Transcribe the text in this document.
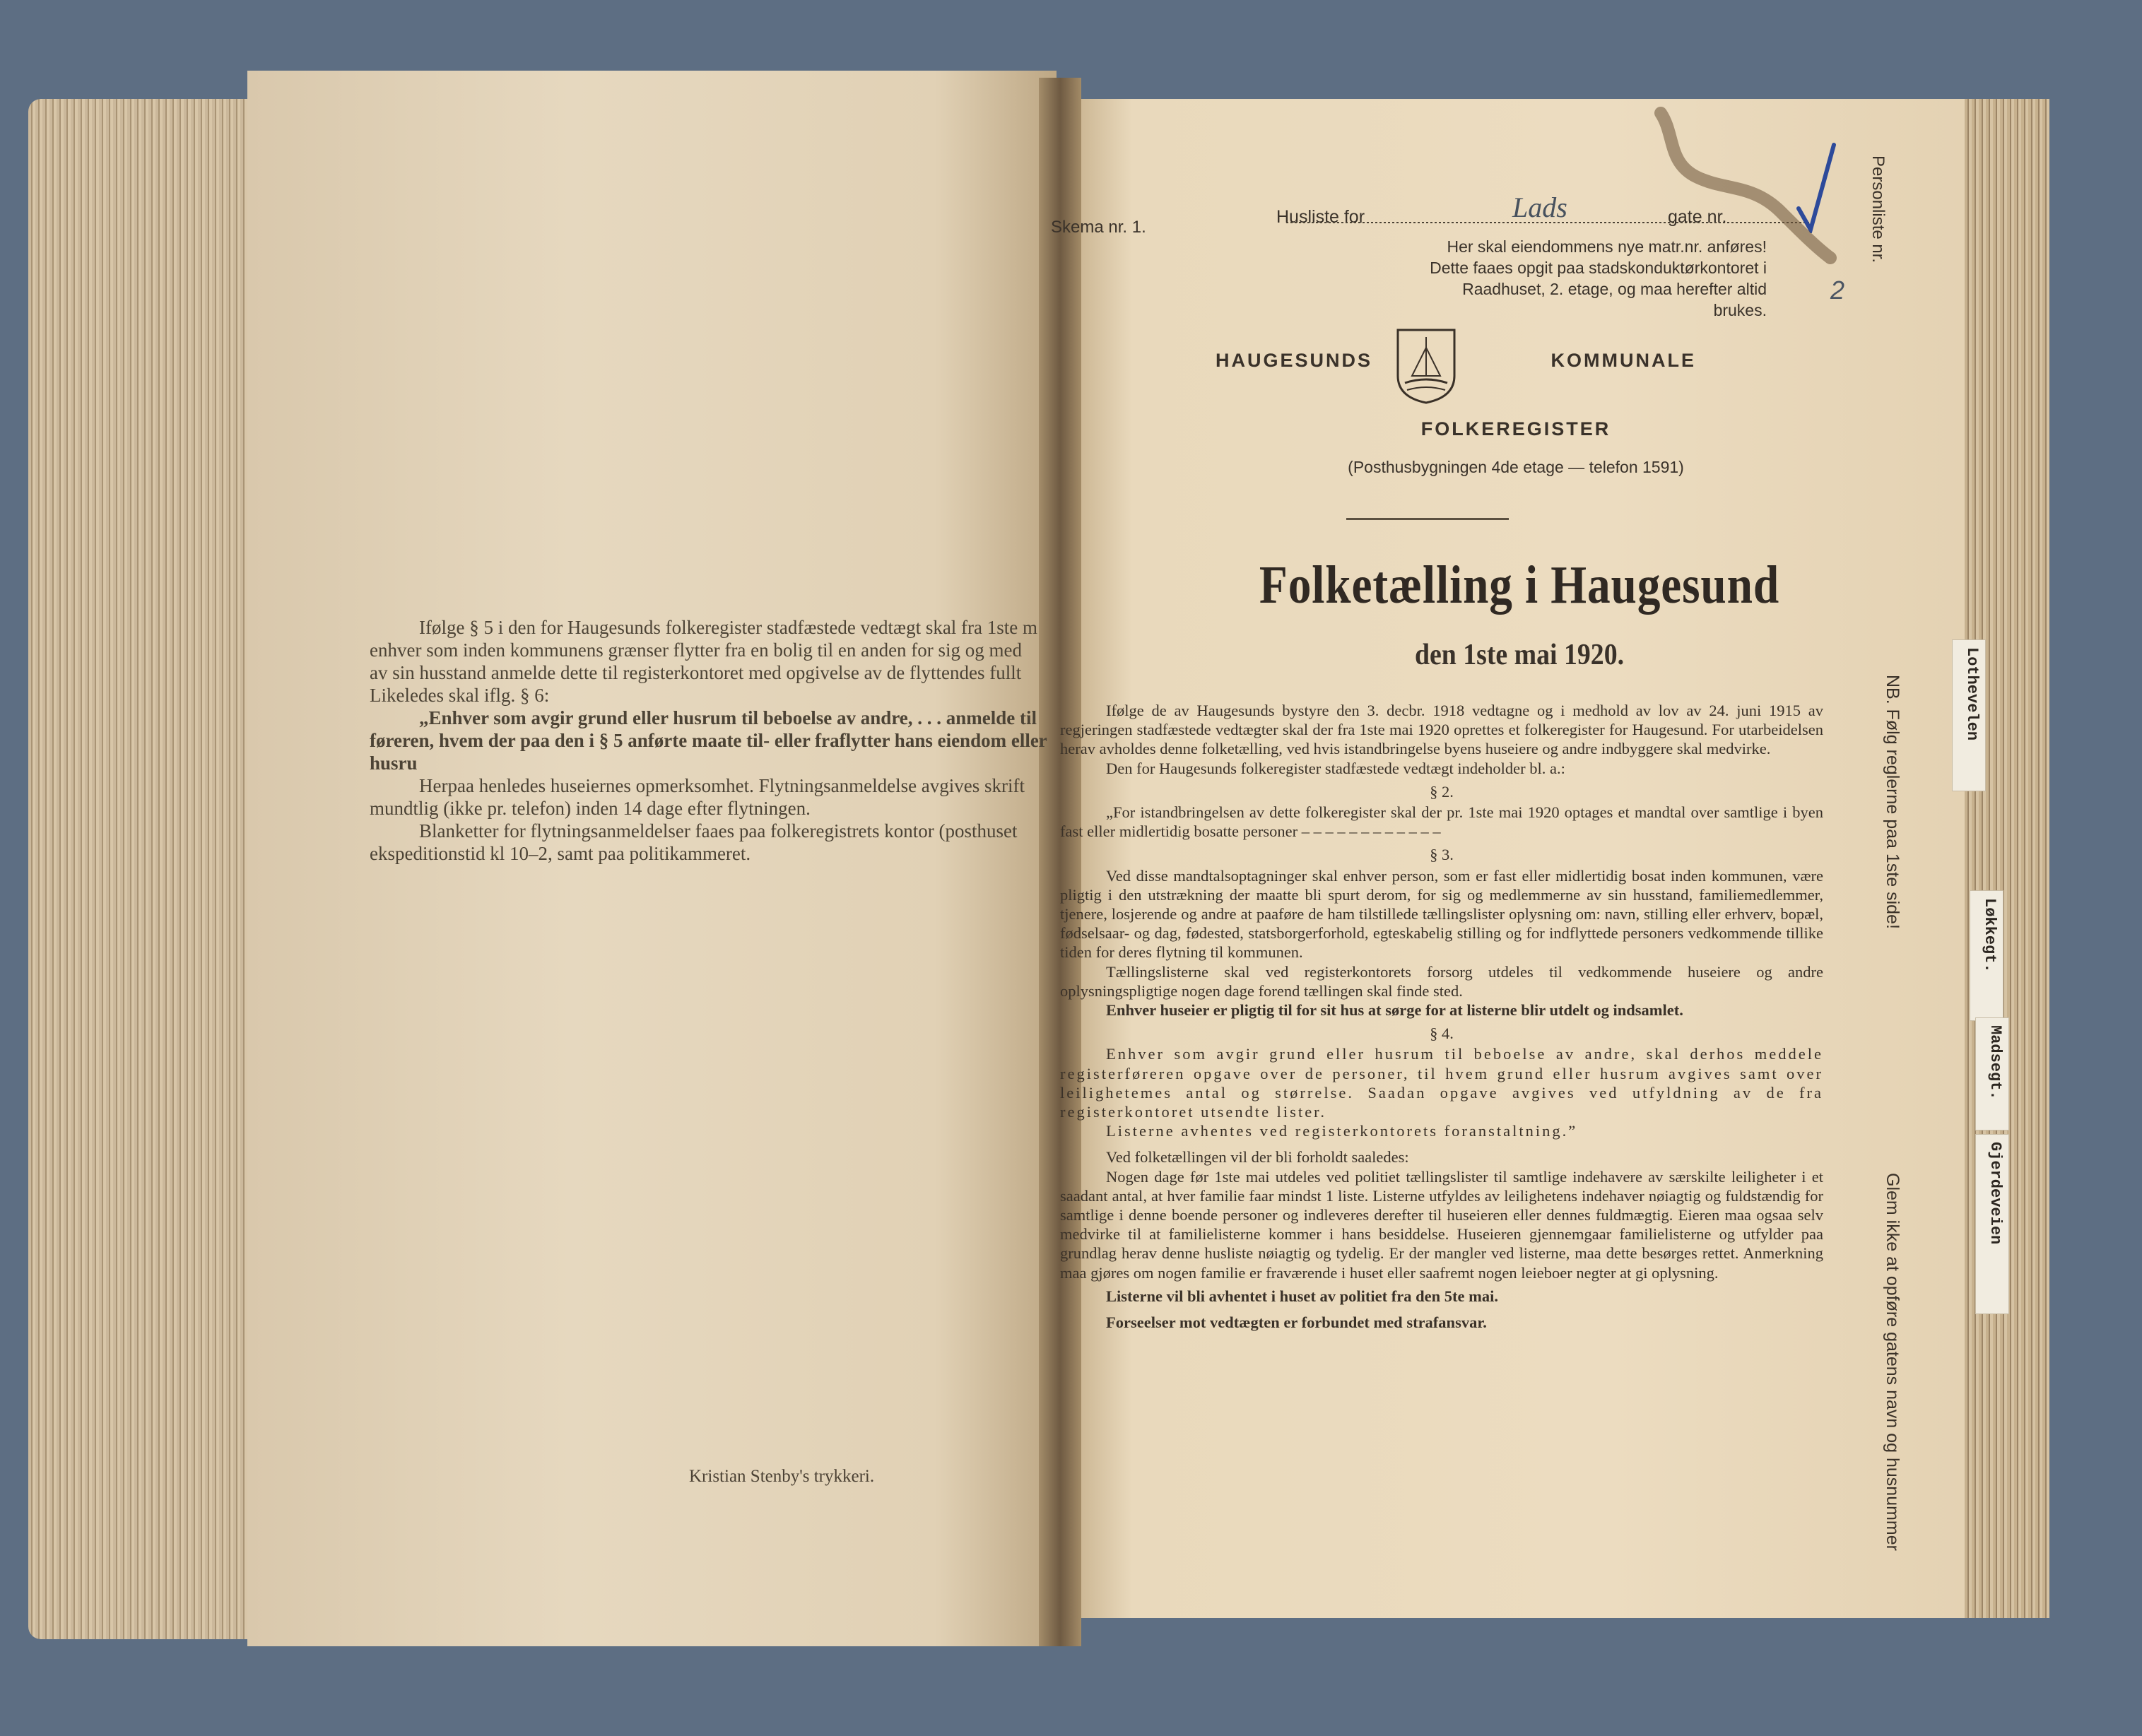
Ifølge § 5 i den for Haugesunds folkeregister stadfæstede vedtægt skal fra 1ste m

enhver som inden kommunens grænser flytter fra en bolig til en anden for sig og med

av sin husstand anmelde dette til registerkontoret med opgivelse av de flyttendes fullt

Likeledes skal iflg. § 6:

„Enhver som avgir grund eller husrum til beboelse av andre, . . . anmelde til

føreren, hvem der paa den i § 5 anførte maate til- eller fraflytter hans eiendom eller husru

Herpaa henledes huseiernes opmerksomhet. Flytningsanmeldelse avgives skrift

mundtlig (ikke pr. telefon) inden 14 dage efter flytningen.

Blanketter for flytningsanmeldelser faaes paa folkeregistrets kontor (posthuset

ekspeditionstid kl 10–2, samt paa politikammeret.

Kristian Stenby's trykkeri.
Skema nr. 1.
Husliste for	Lads	gate nr.
Her skal eiendommens nye matr.nr. anføres! Dette faaes opgit paa stadskonduktørkontoret i Raadhuset, 2. etage, og maa herefter altid brukes.
HAUGESUNDS	KOMMUNALE
FOLKEREGISTER
(Posthusbygningen 4de etage — telefon 1591)
Folketælling i Haugesund
den 1ste mai 1920.

Ifølge de av Haugesunds bystyre den 3. decbr. 1918 vedtagne og i medhold av lov av 24. juni 1915 av regjeringen stadfæstede vedtægter skal der fra 1ste mai 1920 oprettes et folkeregister for Haugesund. For utarbeidelsen herav avholdes denne folketælling, ved hvis istandbringelse byens huseiere og andre indbyggere skal medvirke.

Den for Haugesunds folkeregister stadfæstede vedtægt indeholder bl. a.:

§ 2.

„For istandbringelsen av dette folkeregister skal der pr. 1ste mai 1920 optages et mandtal over samtlige i byen fast eller midlertidig bosatte personer – – – – – – – – – – – –

§ 3.

Ved disse mandtalsoptagninger skal enhver person, som er fast eller midlertidig bosat inden kommunen, være pligtig i den utstrækning der maatte bli spurt derom, for sig og medlemmerne av sin husstand, familiemedlemmer, tjenere, losjerende og andre at paaføre de ham tilstillede tællingslister oplysning om: navn, stilling eller erhverv, bopæl, fødselsaar- og dag, fødested, statsborgerforhold, egteskabelig stilling og for indflyttede personers vedkommende tillike tiden for deres flytning til kommunen.

Tællingslisterne skal ved registerkontorets forsorg utdeles til vedkommende huseiere og andre oplysningspligtige nogen dage forend tællingen skal finde sted.

Enhver huseier er pligtig til for sit hus at sørge for at listerne blir utdelt og indsamlet.

§ 4.

Enhver som avgir grund eller husrum til beboelse av andre, skal derhos meddele registerføreren opgave over de personer, til hvem grund eller husrum avgives samt over leilighetemes antal og størrelse. Saadan opgave avgives ved utfyldning av de fra registerkontoret utsendte lister.

Listerne avhentes ved registerkontorets foranstaltning.”

Ved folketællingen vil der bli forholdt saaledes:

Nogen dage før 1ste mai utdeles ved politiet tællingslister til samtlige indehavere av særskilte leiligheter i et saadant antal, at hver familie faar mindst 1 liste. Listerne utfyldes av leilighetens indehaver nøiagtig og fuldstændig for samtlige i denne boende personer og indleveres derefter til huseieren eller dennes fuldmægtig. Eieren maa ogsaa selv medvirke til at familielisterne kommer i hans besiddelse. Huseieren gjennemgaar familielisterne og utfylder paa grundlag herav denne husliste nøiagtig og tydelig. Er der mangler ved listerne, maa dette besørges rettet. Anmerkning maa gjøres om nogen familie er fraværende i huset eller saafremt nogen leieboer negter at gi oplysning.

Listerne vil bli avhentet i huset av politiet fra den 5te mai.

Forseelser mot vedtægten er forbundet med strafansvar.

Personliste nr.
2
NB. Følg reglerne paa 1ste side!
Glem ikke at opføre gatens navn og husnummer
Lothevelen
Løkkegt.
Madsegt.
Gjerdeveien
